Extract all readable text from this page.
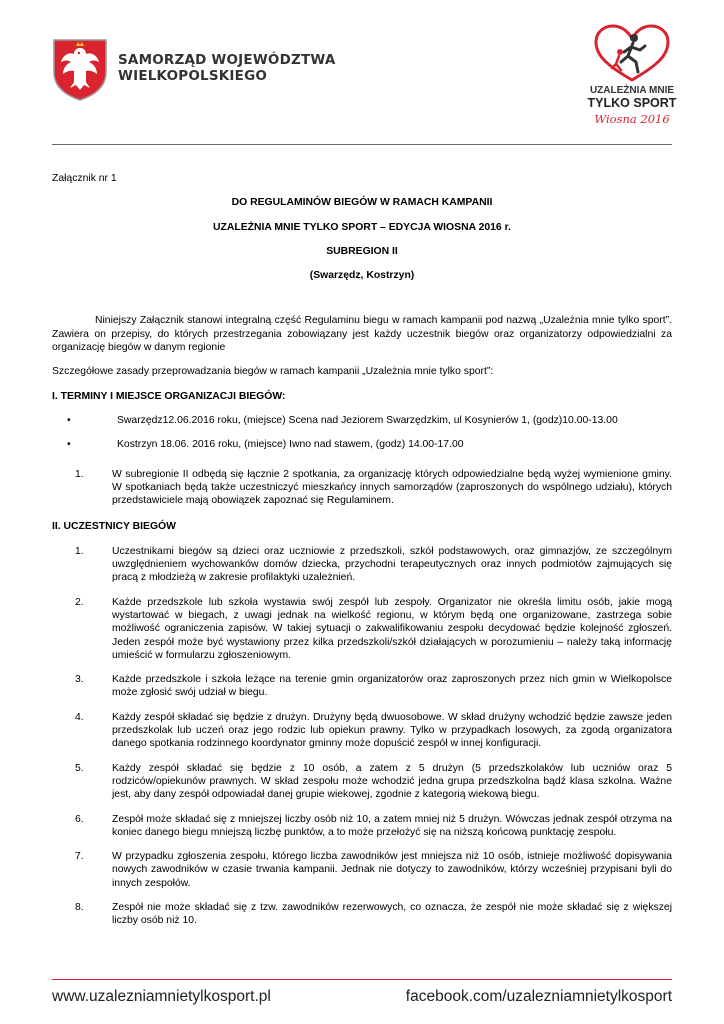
SAMORZĄD WOJEWÓDZTWA
WIELKOPOLSKIEGO
UZALEŻNIA MNIE
TYLKO SPORT
Wiosna 2016

Załącznik nr 1

DO REGULAMINÓW BIEGÓW W RAMACH KAMPANII

UZALEŻNIA MNIE TYLKO SPORT – EDYCJA WIOSNA 2016 r.

SUBREGION II

(Swarzędz, Kostrzyn)

Niniejszy Załącznik stanowi integralną część Regulaminu biegu w ramach kampanii pod nazwą „Uzależnia mnie tylko sport”. Zawiera on przepisy, do których przestrzegania zobowiązany jest każdy uczestnik biegów oraz organizatorzy odpowiedzialni za organizację biegów w danym regionie

Szczegółowe zasady przeprowadzania biegów w ramach kampanii „Uzależnia mnie tylko sport”:

I. TERMINY I MIEJSCE ORGANIZACJI BIEGÓW:

•	Swarzędz12.06.2016 roku, (miejsce) Scena nad Jeziorem Swarzędzkim, ul Kosynierów 1, (godz)10.00-13.00
•	Kostrzyn 18.06. 2016 roku, (miejsce) Iwno nad stawem, (godz) 14.00-17.00
1.	W subregionie II odbędą się łącznie 2 spotkania, za organizację których odpowiedzialne będą wyżej wymienione gminy. W spotkaniach będą także uczestniczyć mieszkańcy innych samorządów (zaproszonych do wspólnego udziału), których przedstawiciele mają obowiązek zapoznać się Regulaminem.

II. UCZESTNICY BIEGÓW

1.	Uczestnikami biegów są dzieci oraz uczniowie z przedszkoli, szkół podstawowych, oraz gimnazjów, ze szczególnym uwzględnieniem wychowanków domów dziecka, przychodni terapeutycznych oraz innych podmiotów zajmujących się pracą z młodzieżą w zakresie profilaktyki uzależnień.
2.	Każde przedszkole lub szkoła wystawia swój zespół lub zespoły. Organizator nie określa limitu osób, jakie mogą wystartować w biegach, z uwagi jednak na wielkość regionu, w którym będą one organizowane, zastrzega sobie możliwość ograniczenia zapisów. W takiej sytuacji o zakwalifikowaniu zespołu decydować będzie kolejność zgłoszeń. Jeden zespół może być wystawiony przez kilka przedszkoli/szkół działających w porozumieniu – należy taką informację umieścić w formularzu zgłoszeniowym.
3.	Każde przedszkole i szkoła leżące na terenie gmin organizatorów oraz zaproszonych przez nich gmin w Wielkopolsce może zgłosić swój udział w biegu.
4.	Każdy zespół składać się będzie z drużyn. Drużyny będą dwuosobowe. W skład drużyny wchodzić będzie zawsze jeden przedszkolak lub uczeń oraz jego rodzic lub opiekun prawny. Tylko w przypadkach losowych, za zgodą organizatora danego spotkania rodzinnego koordynator gminny może dopuścić zespół w innej konfiguracji.
5.	Każdy zespół składać się będzie z 10 osób, a zatem z 5 drużyn (5 przedszkolaków lub uczniów oraz 5 rodziców/opiekunów prawnych. W skład zespołu może wchodzić jedna grupa przedszkolna bądź klasa szkolna. Ważne jest, aby dany zespół odpowiadał danej grupie wiekowej, zgodnie z kategorią wiekową biegu.
6.	Zespół może składać się z mniejszej liczby osób niż 10, a zatem mniej niż 5 drużyn. Wówczas jednak zespół otrzyma na koniec danego biegu mniejszą liczbę punktów, a to może przełożyć się na niższą końcową punktację zespołu.
7.	W przypadku zgłoszenia zespołu, którego liczba zawodników jest mniejsza niż 10 osób, istnieje możliwość dopisywania nowych zawodników w czasie trwania kampanii. Jednak nie dotyczy to zawodników, którzy wcześniej przypisani byli do innych zespołów.
8.	Zespół nie może składać się z tzw. zawodników rezerwowych, co oznacza, że zespół nie może składać się z większej liczby osób niż 10.
www.uzalezniamnietylkosport.pl	facebook.com/uzalezniamnietylkosport
